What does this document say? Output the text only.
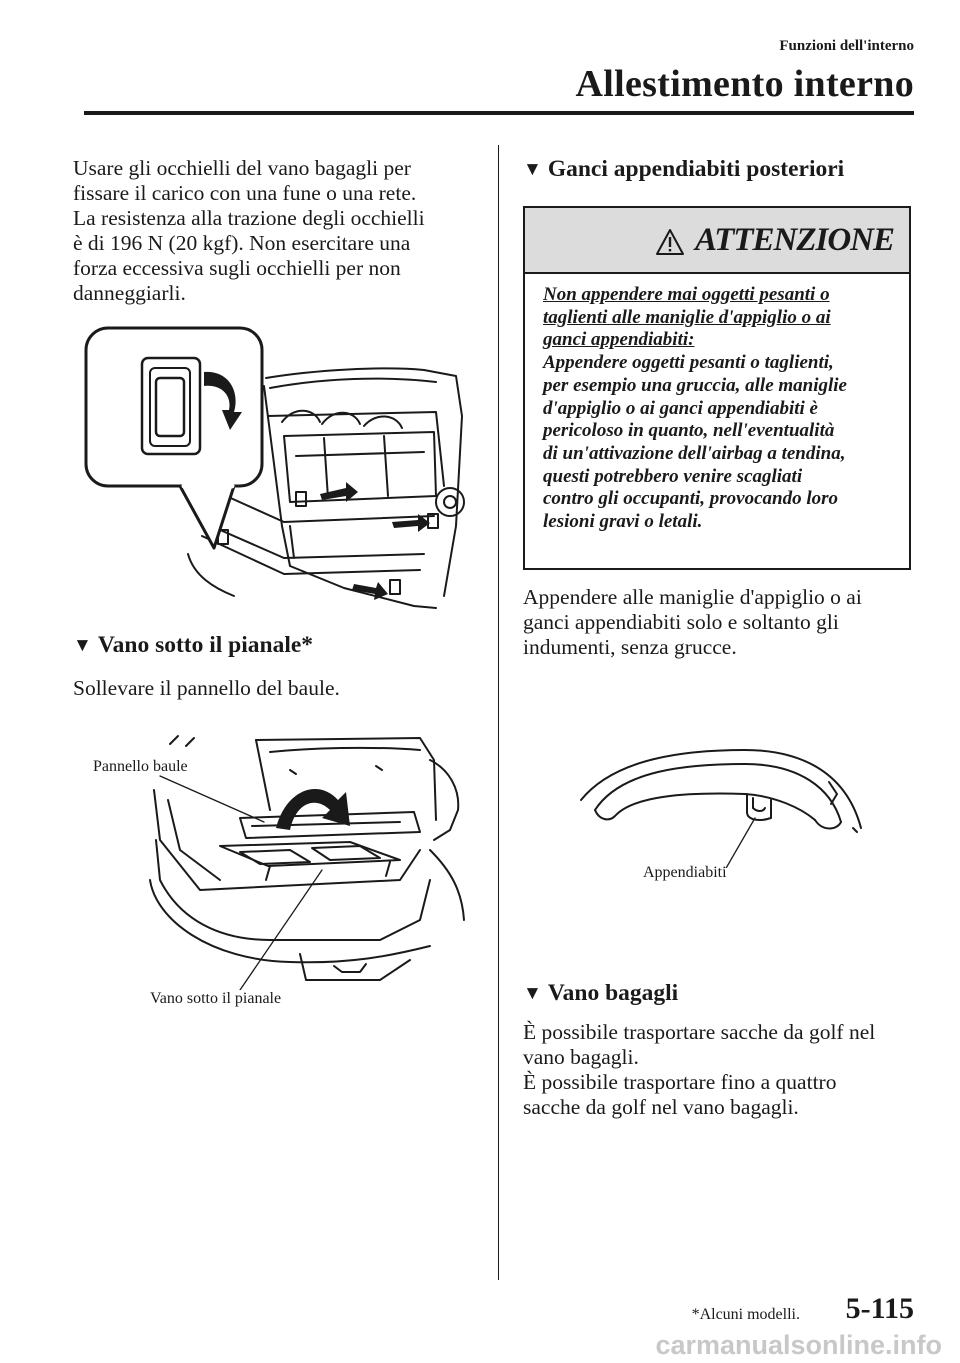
Funzioni dell'interno
Allestimento interno
Usare gli occhielli del vano bagagli per
fissare il carico con una fune o una rete.
La resistenza alla trazione degli occhielli
è di 196 N (20 kgf). Non esercitare una
forza eccessiva sugli occhielli per non
danneggiarli.
▼ Vano sotto il pianale*
Sollevare il pannello del baule.
Pannello baule
Vano sotto il pianale
▼ Ganci appendiabiti posteriori
ATTENZIONE
Non appendere mai oggetti pesanti o
taglienti alle maniglie d'appiglio o ai
ganci appendiabiti:
Appendere oggetti pesanti o taglienti,
per esempio una gruccia, alle maniglie
d'appiglio o ai ganci appendiabiti è
pericoloso in quanto, nell'eventualità
di un'attivazione dell'airbag a tendina,
questi potrebbero venire scagliati
contro gli occupanti, provocando loro
lesioni gravi o letali.
Appendere alle maniglie d'appiglio o ai
ganci appendiabiti solo e soltanto gli
indumenti, senza grucce.
Appendiabiti
▼ Vano bagagli
È possibile trasportare sacche da golf nel
vano bagagli.
È possibile trasportare fino a quattro
sacche da golf nel vano bagagli.
*Alcuni modelli. 5-115
carmanualsonline.info
